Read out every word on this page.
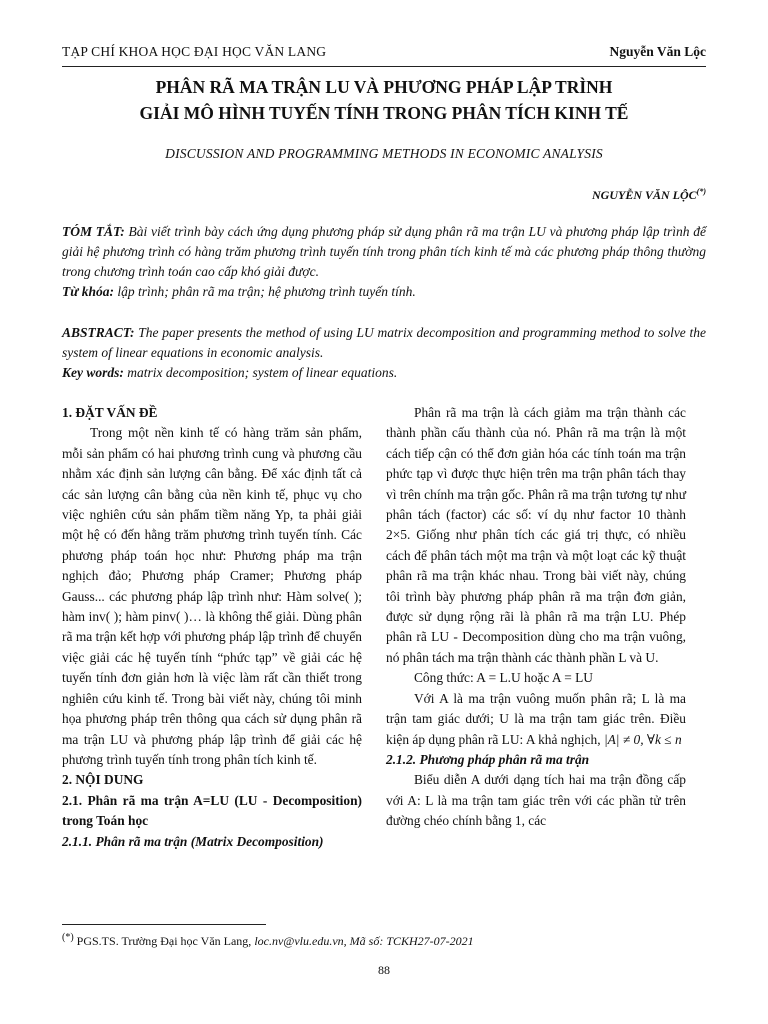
TẠP CHÍ KHOA HỌC ĐẠI HỌC VĂN LANG	Nguyễn Văn Lộc
PHÂN RÃ MA TRẬN LU VÀ PHƯƠNG PHÁP LẬP TRÌNH
GIẢI MÔ HÌNH TUYẾN TÍNH TRONG PHÂN TÍCH KINH TẾ
DISCUSSION AND PROGRAMMING METHODS IN ECONOMIC ANALYSIS
NGUYỄN VĂN LỘC(*)
TÓM TẮT: Bài viết trình bày cách ứng dụng phương pháp sử dụng phân rã ma trận LU và phương pháp lập trình để giải hệ phương trình có hàng trăm phương trình tuyến tính trong phân tích kinh tế mà các phương pháp thông thường trong chương trình toán cao cấp khó giải được.
Từ khóa: lập trình; phân rã ma trận; hệ phương trình tuyến tính.
ABSTRACT: The paper presents the method of using LU matrix decomposition and programming method to solve the system of linear equations in economic analysis.
Key words: matrix decomposition; system of linear equations.

1. ĐẶT VẤN ĐỀ

Trong một nền kinh tế có hàng trăm sản phẩm, mỗi sản phẩm có hai phương trình cung và phương cầu nhằm xác định sản lượng cân bằng. Để xác định tất cả các sản lượng cân bằng của nền kinh tế, phục vụ cho việc nghiên cứu sản phẩm tiềm năng Yp, ta phải giải một hệ có đến hằng trăm phương trình tuyến tính. Các phương pháp toán học như: Phương pháp ma trận nghịch đảo; Phương pháp Cramer; Phương pháp Gauss... các phương pháp lập trình như: Hàm solve( ); hàm inv( ); hàm pinv( )… là không thể giải. Dùng phân rã ma trận kết hợp với phương pháp lập trình để chuyển việc giải các hệ tuyến tính “phức tạp” về giải các hệ tuyến tính đơn giản hơn là việc làm rất cần thiết trong nghiên cứu kinh tế. Trong bài viết này, chúng tôi minh họa phương pháp trên thông qua cách sử dụng phân rã ma trận LU và phương pháp lập trình để giải các hệ phương trình tuyến tính trong phân tích kinh tế.

2. NỘI DUNG

2.1. Phân rã ma trận A=LU (LU - Decomposition) trong Toán học

2.1.1. Phân rã ma trận (Matrix Decomposition)

Phân rã ma trận là cách giảm ma trận thành các thành phần cấu thành của nó. Phân rã ma trận là một cách tiếp cận có thể đơn giản hóa các tính toán ma trận phức tạp vì được thực hiện trên ma trận phân tách thay vì trên chính ma trận gốc. Phân rã ma trận tương tự như phân tách (factor) các số: ví dụ như factor 10 thành 2×5. Giống như phân tích các giá trị thực, có nhiều cách để phân tách một ma trận và một loạt các kỹ thuật phân rã ma trận khác nhau. Trong bài viết này, chúng tôi trình bày phương pháp phân rã ma trận đơn giản, được sử dụng rộng rãi là phân rã ma trận LU. Phép phân rã LU - Decomposition dùng cho ma trận vuông, nó phân tách ma trận thành các thành phần L và U.

Công thức: A = L.U hoặc A = LU

Với A là ma trận vuông muốn phân rã; L là ma trận tam giác dưới; U là ma trận tam giác trên. Điều kiện áp dụng phân rã LU: A khả nghịch, |A| ≠ 0, ∀k ≤ n

2.1.2. Phương pháp phân rã ma trận

Biểu diễn A dưới dạng tích hai ma trận đồng cấp với A: L là ma trận tam giác trên với các phần tử trên đường chéo chính bằng 1, các

(*) PGS.TS. Trường Đại học Văn Lang, loc.nv@vlu.edu.vn, Mã số: TCKH27-07-2021
88
